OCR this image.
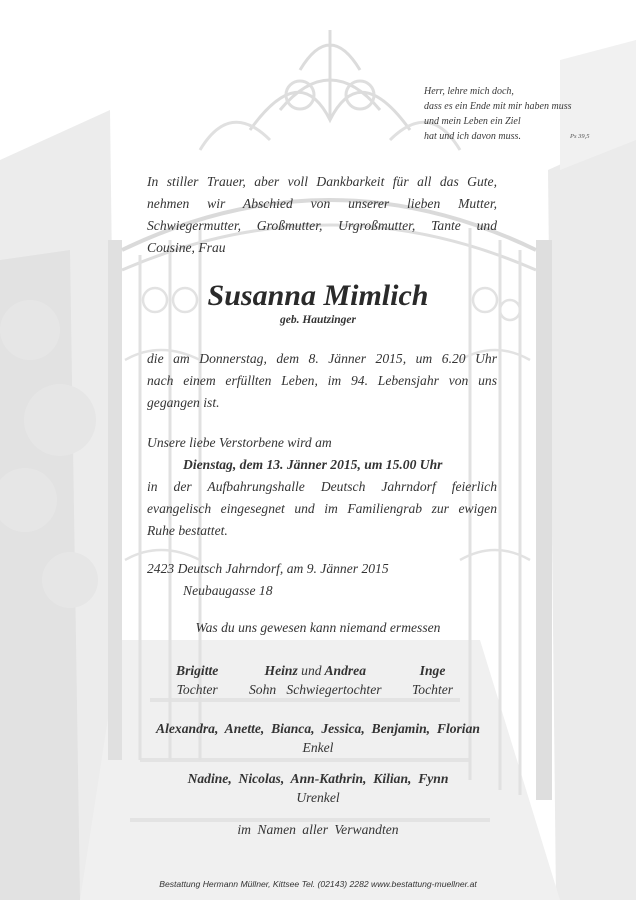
Herr, lehre mich doch,
dass es ein Ende mit mir haben muss
und mein Leben ein Ziel
hat und ich davon muss.	Ps 39,5
In stiller Trauer, aber voll Dankbarkeit für all das Gute,
nehmen wir Abschied von unserer lieben Mutter,
Schwiegermutter, Großmutter, Urgroßmutter, Tante und
Cousine, Frau
Susanna Mimlich
geb. Hautzinger
die am Donnerstag, dem 8. Jänner 2015, um 6.20 Uhr
nach einem erfüllten Leben, im 94. Lebensjahr von uns
gegangen ist.
Unsere liebe Verstorbene wird am
Dienstag, dem 13. Jänner 2015, um 15.00 Uhr
in der Aufbahrungshalle Deutsch Jahrndorf feierlich
evangelisch eingesegnet und im Familiengrab zur ewigen
Ruhe bestattet.
2423 Deutsch Jahrndorf, am 9. Jänner 2015
Neubaugasse 18
Was du uns gewesen kann niemand ermessen
Brigitte
Tochter
Heinz und Andrea
Sohn Schwiegertochter
Inge
Tochter
Alexandra,  Anette,  Bianca,  Jessica,  Benjamin,  Florian
Enkel
Nadine,  Nicolas,  Ann-Kathrin,  Kilian,  Fynn
Urenkel
im Namen aller Verwandten
Bestattung Hermann Müllner, Kittsee Tel. (02143) 2282 www.bestattung-muellner.at
